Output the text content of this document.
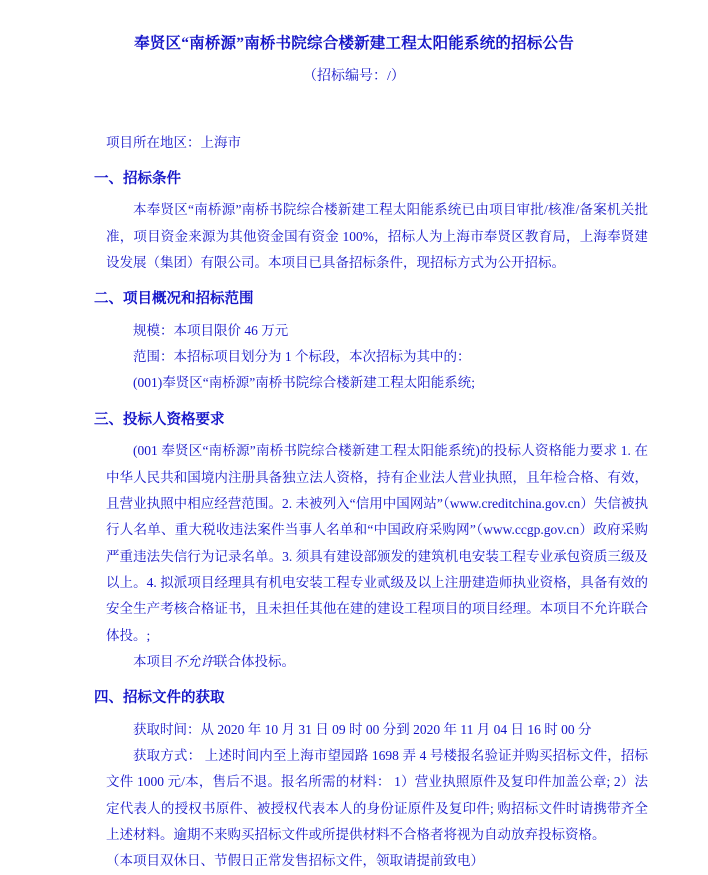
奉贤区“南桥源”南桥书院综合楼新建工程太阳能系统的招标公告
（招标编号：/）
项目所在地区：上海市
一、招标条件

本奉贤区“南桥源”南桥书院综合楼新建工程太阳能系统已由项目审批/核准/备案机关批准，项目资金来源为其他资金国有资金 100%，招标人为上海市奉贤区教育局，上海奉贤建设发展（集团）有限公司。本项目已具备招标条件，现招标方式为公开招标。

二、项目概况和招标范围

规模：本项目限价 46 万元

范围：本招标项目划分为 1 个标段，本次招标为其中的：

(001)奉贤区“南桥源”南桥书院综合楼新建工程太阳能系统;

三、投标人资格要求

(001 奉贤区“南桥源”南桥书院综合楼新建工程太阳能系统)的投标人资格能力要求 1. 在中华人民共和国境内注册具备独立法人资格，持有企业法人营业执照，且年检合格、有效，且营业执照中相应经营范围。2. 未被列入“信用中国网站”（www.creditchina.gov.cn）失信被执行人名单、重大税收违法案件当事人名单和“中国政府采购网”（www.ccgp.gov.cn）政府采购严重违法失信行为记录名单。3. 须具有建设部颁发的建筑机电安装工程专业承包资质三级及以上。4. 拟派项目经理具有机电安装工程专业贰级及以上注册建造师执业资格，具备有效的安全生产考核合格证书，且未担任其他在建的建设工程项目的项目经理。本项目不允许联合体投。;

本项目不允许联合体投标。

四、招标文件的获取

获取时间：从 2020 年 10 月 31 日 09 时 00 分到 2020 年 11 月 04 日 16 时 00 分

获取方式： 上述时间内至上海市望园路 1698 弄 4 号楼报名验证并购买招标文件，招标文件 1000 元/本，售后不退。报名所需的材料： 1）营业执照原件及复印件加盖公章; 2）法定代表人的授权书原件、被授权代表本人的身份证原件及复印件; 购招标文件时请携带齐全上述材料。逾期不来购买招标文件或所提供材料不合格者将视为自动放弃投标资格。

（本项目双休日、节假日正常发售招标文件，领取请提前致电）
